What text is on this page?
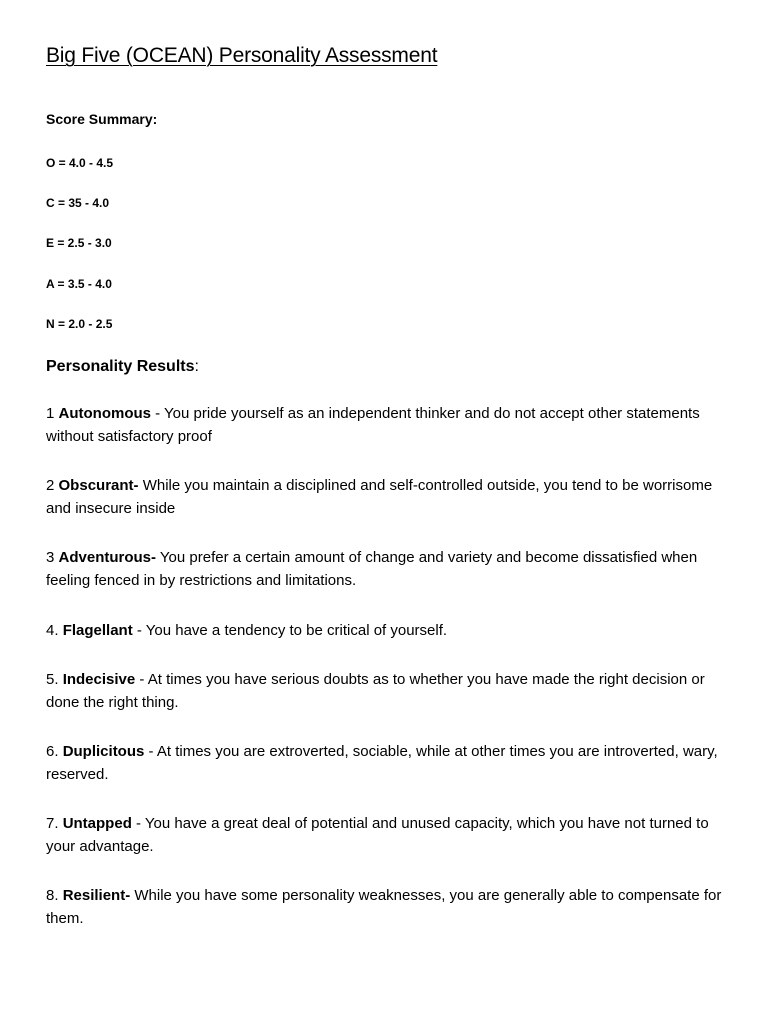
Big Five (OCEAN) Personality Assessment
Score Summary:
O = 4.0 - 4.5
C = 35 - 4.0
E = 2.5 - 3.0
A = 3.5 - 4.0
N = 2.0 - 2.5
Personality Results:
1 Autonomous - You pride yourself as an independent thinker and do not accept other statements without satisfactory proof
2 Obscurant- While you maintain a disciplined and self-controlled outside, you tend to be worrisome and insecure inside
3 Adventurous- You prefer a certain amount of change and variety and become dissatisfied when feeling fenced in by restrictions and limitations.
4. Flagellant - You have a tendency to be critical of yourself.
5. Indecisive - At times you have serious doubts as to whether you have made the right decision or done the right thing.
6. Duplicitous - At times you are extroverted, sociable, while at other times you are introverted, wary, reserved.
7. Untapped - You have a great deal of potential and unused capacity, which you have not turned to your advantage.
8. Resilient- While you have some personality weaknesses, you are generally able to compensate for them.
